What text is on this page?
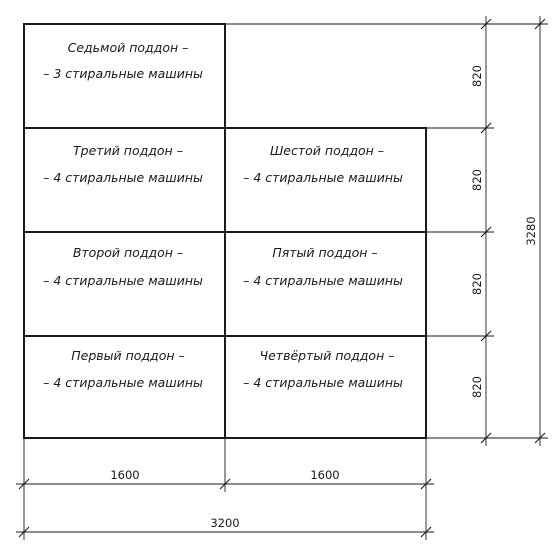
Седьмой поддон –
– 3 стиральные машины
Третий поддон –
– 4 стиральные машины
Шестой поддон –
– 4 стиральные машины
Второй поддон –
– 4 стиральные машины
Пятый поддон –
– 4 стиральные машины
Первый поддон –
– 4 стиральные машины
Четвёртый поддон –
– 4 стиральные машины
1600	1600
3200
820
820
820
820
3280
